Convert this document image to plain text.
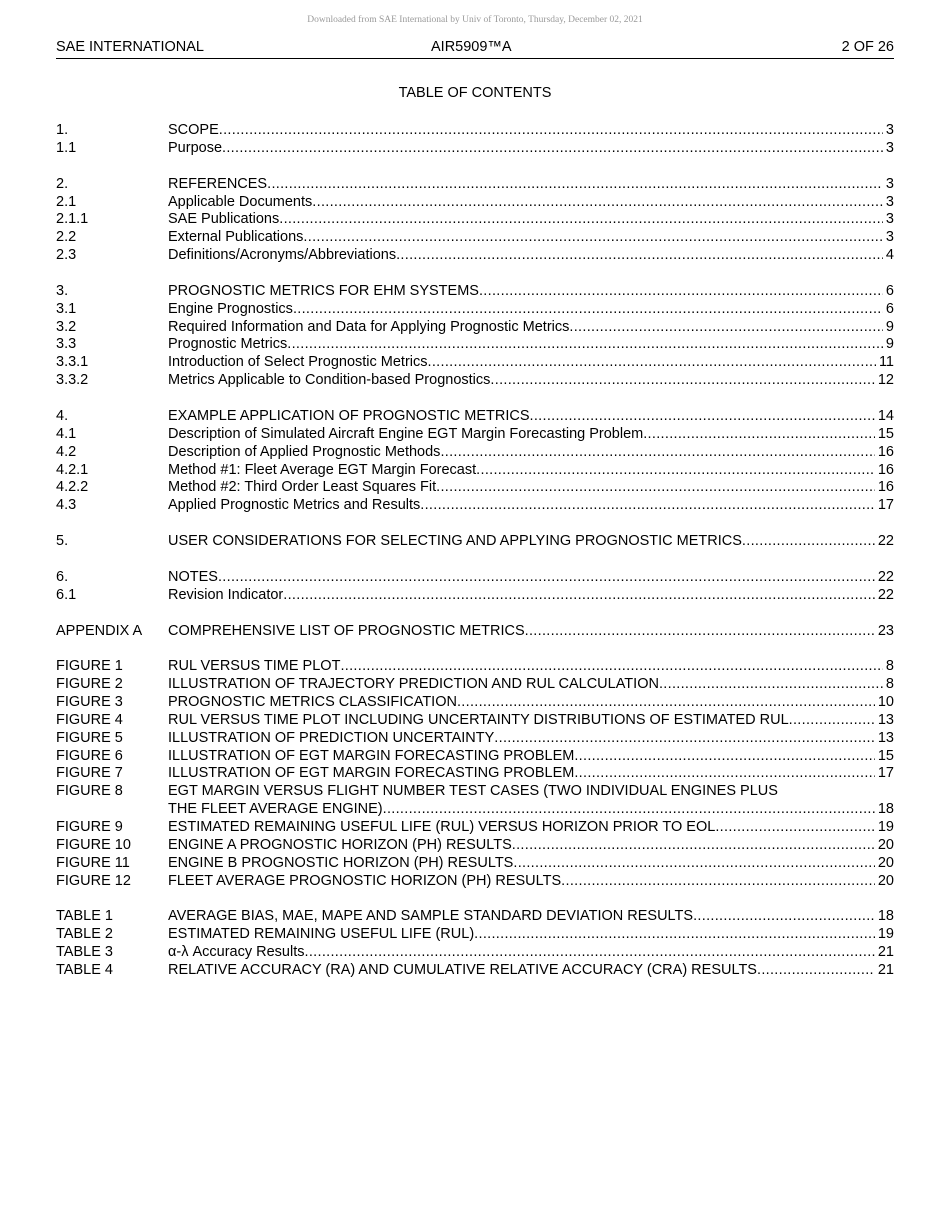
Downloaded from SAE International by Univ of Toronto, Thursday, December 02, 2021
SAE INTERNATIONAL	AIR5909™A	2 OF 26
TABLE OF CONTENTS
1.	SCOPE .....	3
1.1	Purpose .....	3
2.	REFERENCES .....	3
2.1	Applicable Documents .....	3
2.1.1	SAE Publications .....	3
2.2	External Publications .....	3
2.3	Definitions/Acronyms/Abbreviations .....	4
3.	PROGNOSTIC METRICS FOR EHM SYSTEMS .....	6
3.1	Engine Prognostics .....	6
3.2	Required Information and Data for Applying Prognostic Metrics .....	9
3.3	Prognostic Metrics .....	9
3.3.1	Introduction of Select Prognostic Metrics .....	11
3.3.2	Metrics Applicable to Condition-based Prognostics .....	12
4.	EXAMPLE APPLICATION OF PROGNOSTIC METRICS .....	14
4.1	Description of Simulated Aircraft Engine EGT Margin Forecasting Problem .....	15
4.2	Description of Applied Prognostic Methods .....	16
4.2.1	Method #1: Fleet Average EGT Margin Forecast .....	16
4.2.2	Method #2: Third Order Least Squares Fit .....	16
4.3	Applied Prognostic Metrics and Results .....	17
5.	USER CONSIDERATIONS FOR SELECTING AND APPLYING PROGNOSTIC METRICS .....	22
6.	NOTES .....	22
6.1	Revision Indicator .....	22
APPENDIX A	COMPREHENSIVE LIST OF PROGNOSTIC METRICS .....	23
FIGURE 1	RUL VERSUS TIME PLOT .....	8
FIGURE 2	ILLUSTRATION OF TRAJECTORY PREDICTION AND RUL CALCULATION .....	8
FIGURE 3	PROGNOSTIC METRICS CLASSIFICATION .....	10
FIGURE 4	RUL VERSUS TIME PLOT INCLUDING UNCERTAINTY DISTRIBUTIONS OF ESTIMATED RUL .....	13
FIGURE 5	ILLUSTRATION OF PREDICTION UNCERTAINTY .....	13
FIGURE 6	ILLUSTRATION OF EGT MARGIN FORECASTING PROBLEM .....	15
FIGURE 7	ILLUSTRATION OF EGT MARGIN FORECASTING PROBLEM .....	17
FIGURE 8	EGT MARGIN VERSUS FLIGHT NUMBER TEST CASES (TWO INDIVIDUAL ENGINES PLUS
THE FLEET AVERAGE ENGINE) .....	18
FIGURE 9	ESTIMATED REMAINING USEFUL LIFE (RUL) VERSUS HORIZON PRIOR TO EOL .....	19
FIGURE 10	ENGINE A PROGNOSTIC HORIZON (PH) RESULTS .....	20
FIGURE 11	ENGINE B PROGNOSTIC HORIZON (PH) RESULTS .....	20
FIGURE 12	FLEET AVERAGE PROGNOSTIC HORIZON (PH) RESULTS .....	20
TABLE 1	AVERAGE BIAS, MAE, MAPE AND SAMPLE STANDARD DEVIATION RESULTS .....	18
TABLE 2	ESTIMATED REMAINING USEFUL LIFE (RUL) .....	19
TABLE 3	α-λ Accuracy Results .....	21
TABLE 4	RELATIVE ACCURACY (RA) AND CUMULATIVE RELATIVE ACCURACY (CRA) RESULTS .....	21
